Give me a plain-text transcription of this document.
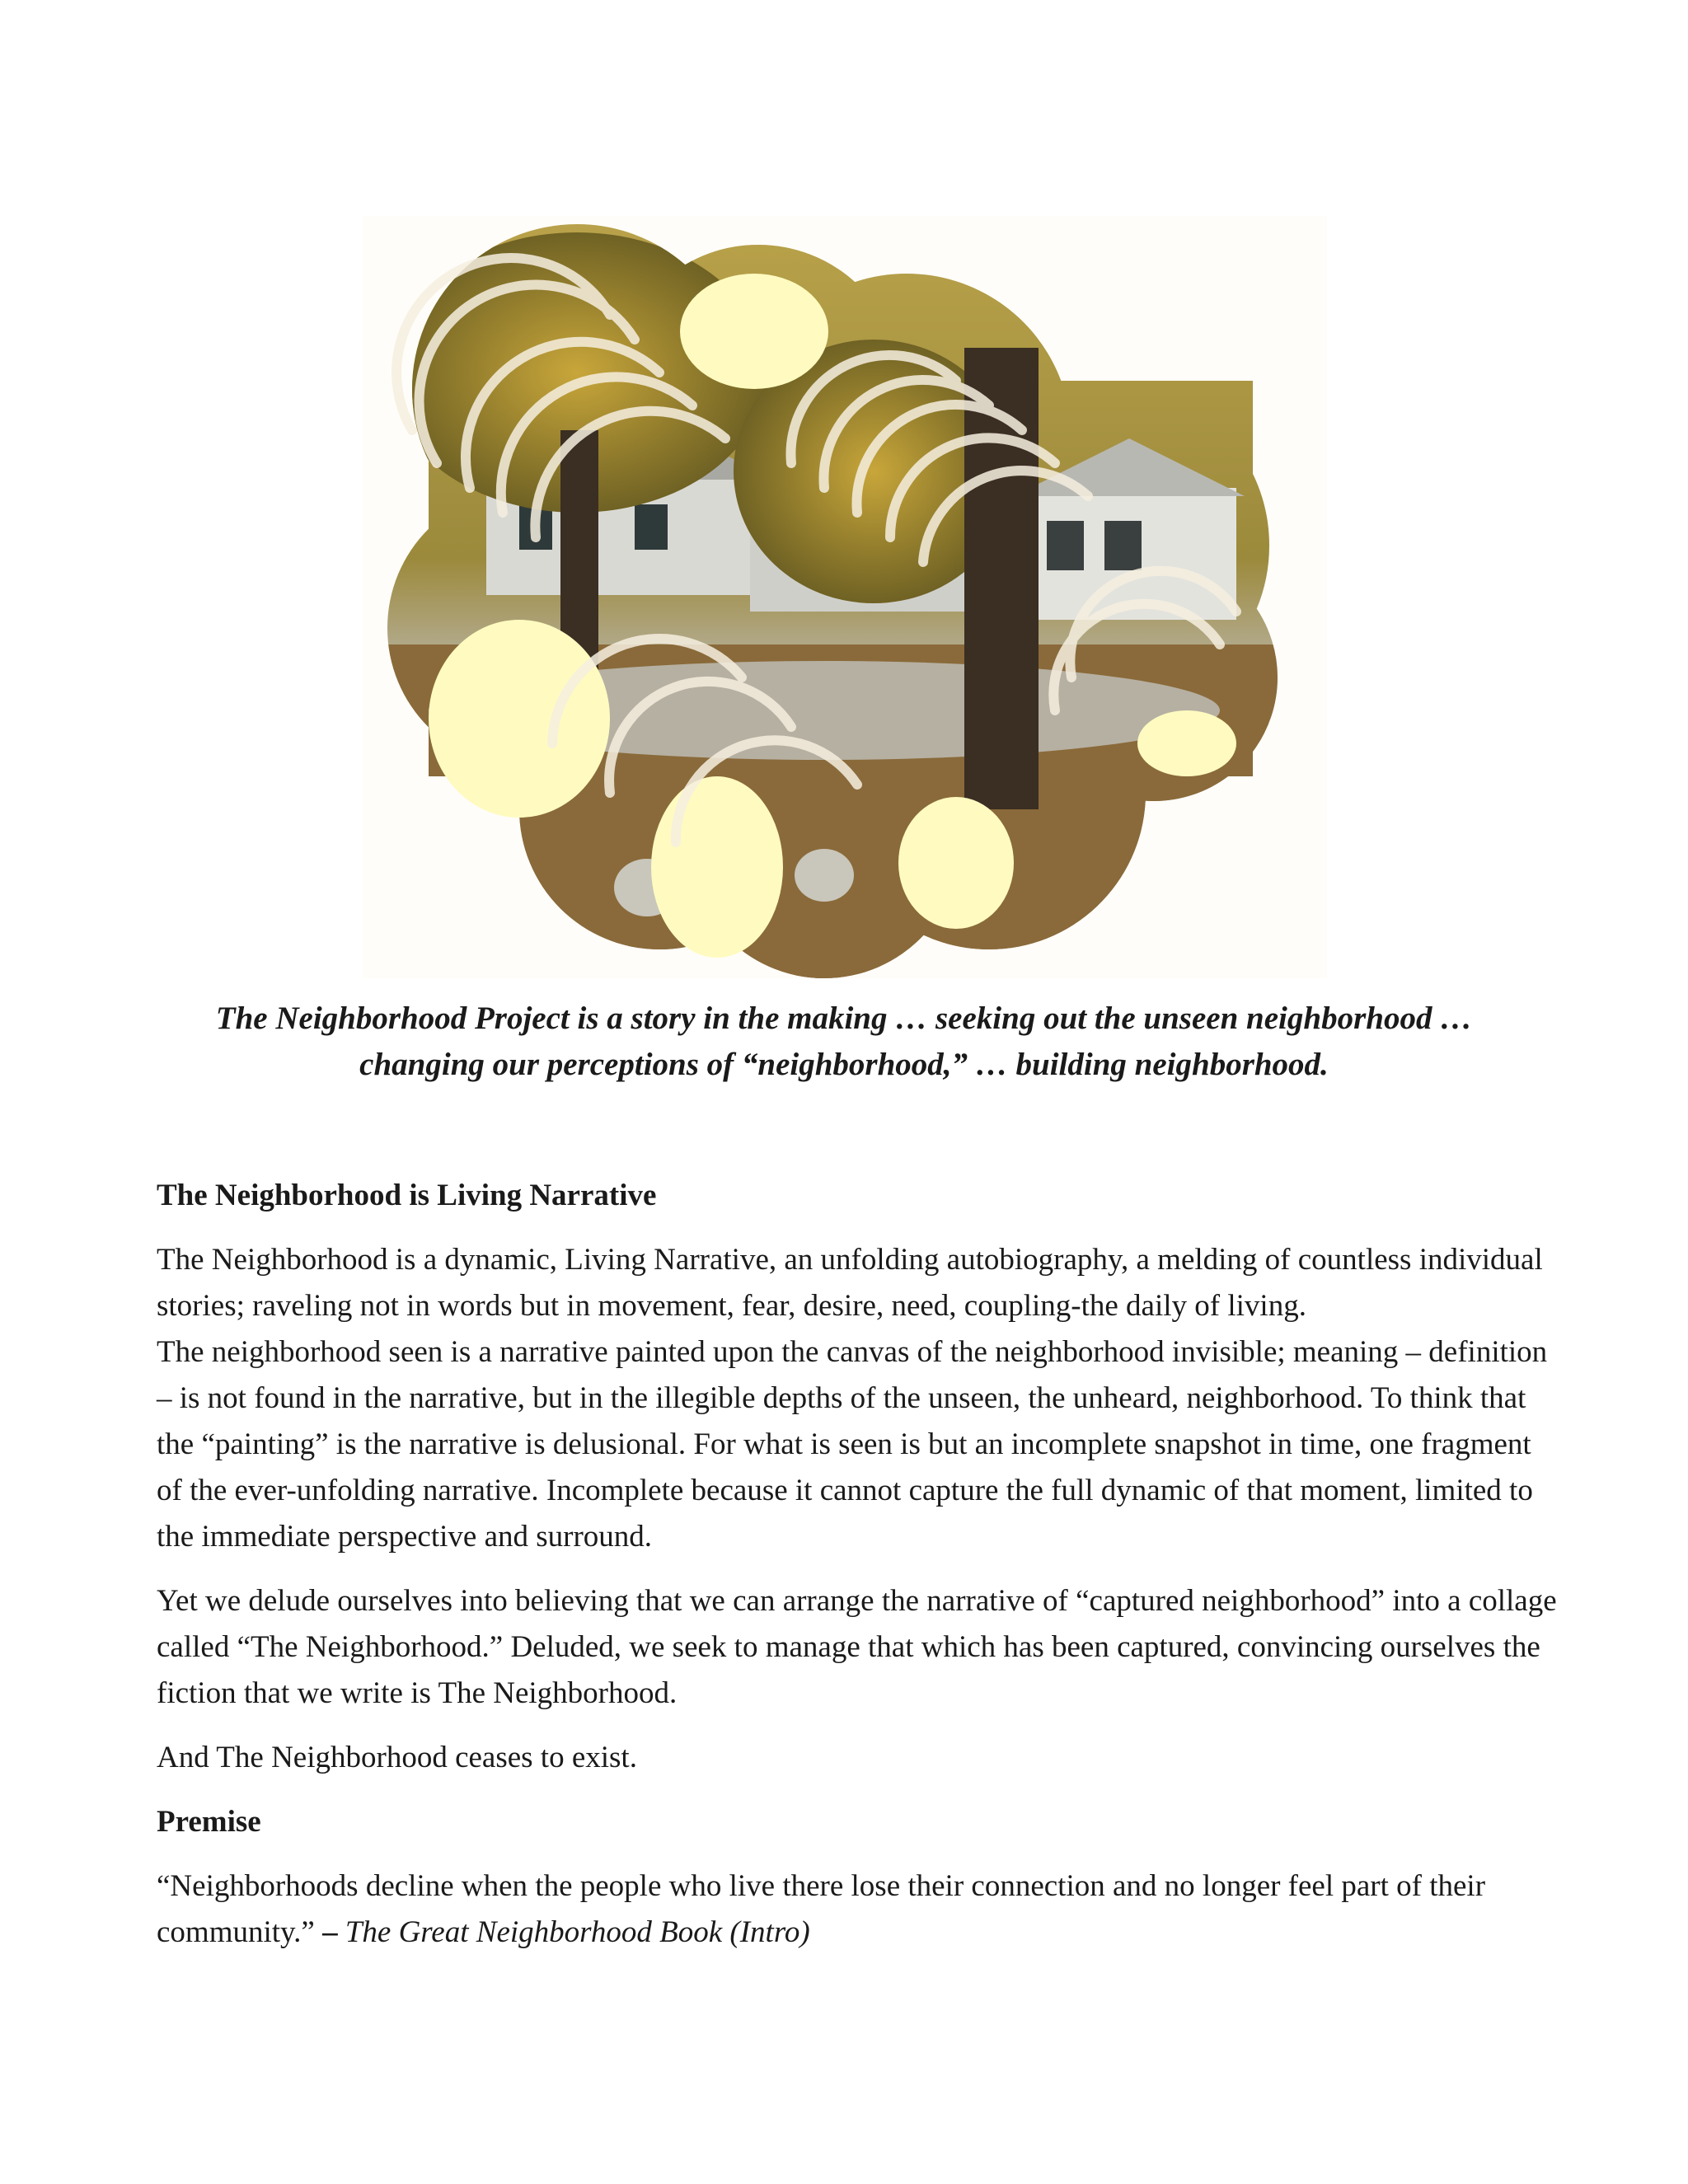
The Neighborhood Project is a story in the making … seeking out the unseen neighborhood …
changing our perceptions of “neighborhood,” … building neighborhood.
The Neighborhood is Living Narrative

The Neighborhood is a dynamic, Living Narrative, an unfolding autobiography, a melding of countless individual stories; raveling not in words but in movement, fear, desire, need, coupling-the daily of living.

The neighborhood seen is a narrative painted upon the canvas of the neighborhood invisible; meaning – definition – is not found in the narrative, but in the illegible depths of the unseen, the unheard, neighborhood. To think that the “painting” is the narrative is delusional. For what is seen is but an incomplete snapshot in time, one fragment of the ever-unfolding narrative. Incomplete because it cannot capture the full dynamic of that moment, limited to the immediate perspective and surround.

Yet we delude ourselves into believing that we can arrange the narrative of “captured neighborhood” into a collage called “The Neighborhood.” Deluded, we seek to manage that which has been captured, convincing ourselves the fiction that we write is The Neighborhood.

And The Neighborhood ceases to exist.

Premise

“Neighborhoods decline when the people who live there lose their connection and no longer feel part of their community.” – The Great Neighborhood Book (Intro)
